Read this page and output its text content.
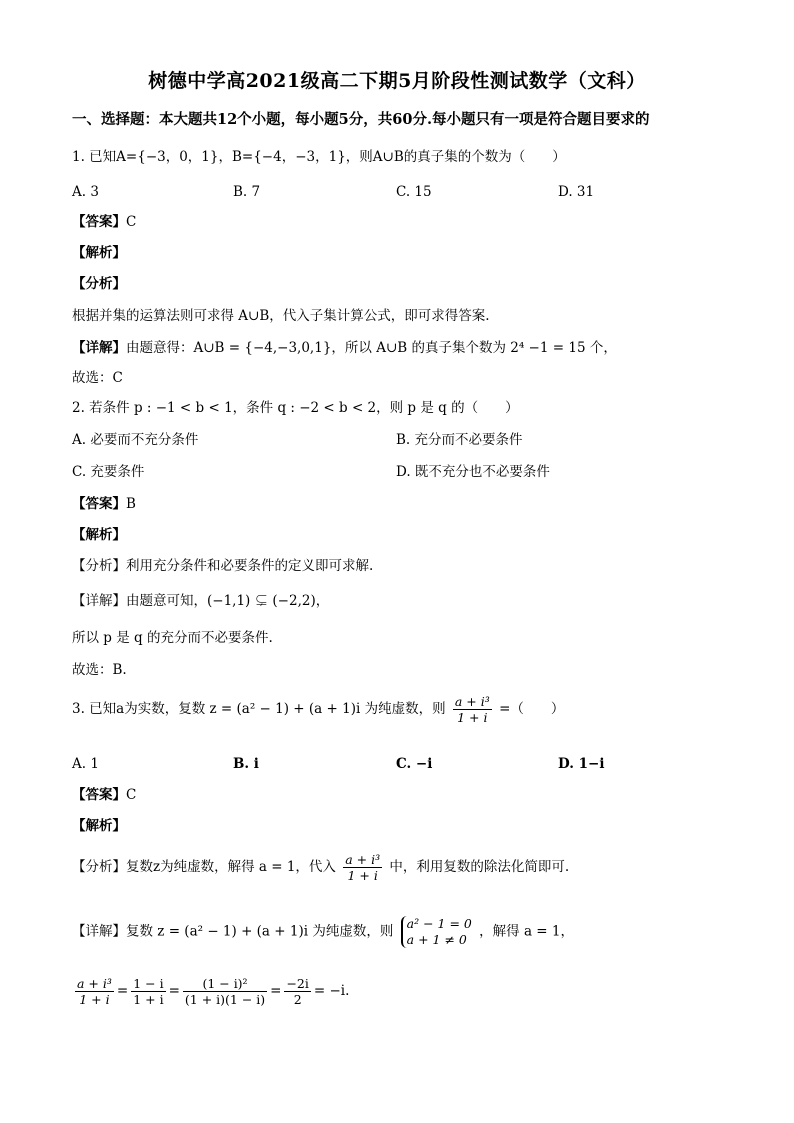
树德中学高2021级高二下期5月阶段性测试数学（文科）
一、选择题：本大题共12个小题，每小题5分，共60分.每小题只有一项是符合题目要求的
1. 已知A={−3，0，1}，B={−4，−3，1}，则A∪B的真子集的个数为（　　）
A. 3	B. 7	C. 15	D. 31
【答案】C
【解析】
【分析】
根据并集的运算法则可求得 A∪B，代入子集计算公式，即可求得答案.
【详解】由题意得：A∪B = {−4,−3,0,1}，所以 A∪B 的真子集个数为 2⁴ −1 = 15 个，
故选：C
2. 若条件 p : −1 < b < 1，条件 q : −2 < b < 2，则 p 是 q 的（　　）
A. 必要而不充分条件	B. 充分而不必要条件
C. 充要条件	D. 既不充分也不必要条件
【答案】B
【解析】
【分析】利用充分条件和必要条件的定义即可求解.
【详解】由题意可知，(−1,1) ⊊ (−2,2)，
所以 p 是 q 的充分而不必要条件.
故选：B.
3. 已知a为实数，复数 z = (a² − 1) + (a + 1)i 为纯虚数，则 $\frac{\text{a + i³}}{1 + i}$ =（　　）
A. 1	B. i	C. −i	D. 1−i
【答案】C
【解析】
【分析】复数z为纯虚数，解得 a = 1，代入 $\frac{\text{a + i³}}{1 + i}$ 中，利用复数的除法化简即可.
【详解】复数 z = (a² − 1) + (a + 1)i 为纯虚数，则 a² − 1 = 0
a + 1 ≠ 0 ，解得 a = 1，
$\frac{\text{a + i³}}{1 + i} = \frac{1 - i}{1 + i} = \frac{\text{(1 − i)²}}{(1 + i)(1 - i)} = \frac{-2i}{2} = -i$.
